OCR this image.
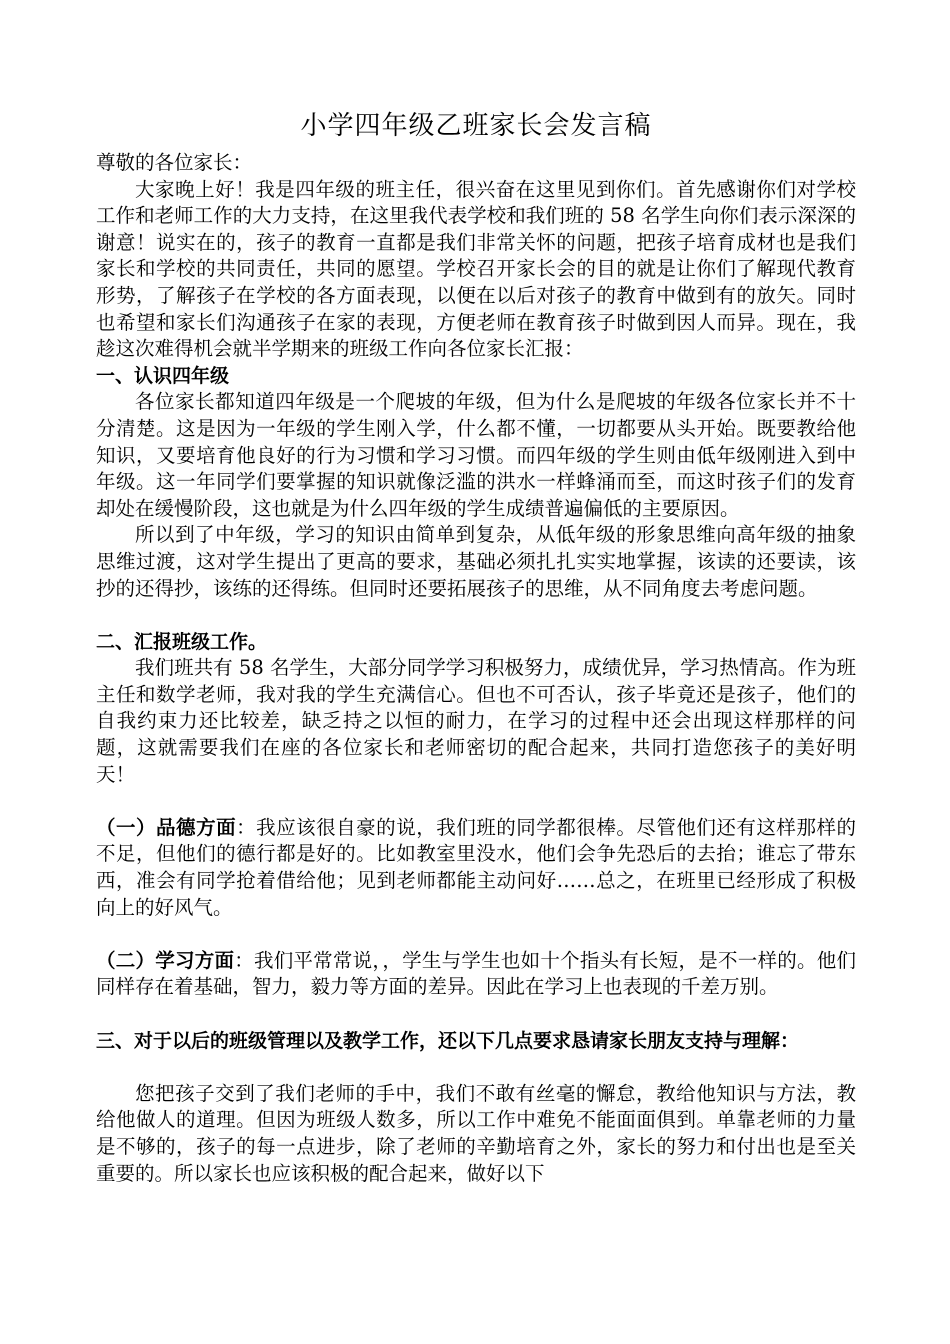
小学四年级乙班家长会发言稿

尊敬的各位家长：

大家晚上好！我是四年级的班主任，很兴奋在这里见到你们。首先感谢你们对学校工作和老师工作的大力支持，在这里我代表学校和我们班的 58 名学生向你们表示深深的谢意！说实在的，孩子的教育一直都是我们非常关怀的问题，把孩子培育成材也是我们家长和学校的共同责任，共同的愿望。学校召开家长会的目的就是让你们了解现代教育形势，了解孩子在学校的各方面表现，以便在以后对孩子的教育中做到有的放矢。同时也希望和家长们沟通孩子在家的表现，方便老师在教育孩子时做到因人而异。现在，我趁这次难得机会就半学期来的班级工作向各位家长汇报：

一、认识四年级

各位家长都知道四年级是一个爬坡的年级，但为什么是爬坡的年级各位家长并不十分清楚。这是因为一年级的学生刚入学，什么都不懂，一切都要从头开始。既要教给他知识，又要培育他良好的行为习惯和学习习惯。而四年级的学生则由低年级刚进入到中年级。这一年同学们要掌握的知识就像泛滥的洪水一样蜂涌而至，而这时孩子们的发育却处在缓慢阶段，这也就是为什么四年级的学生成绩普遍偏低的主要原因。

所以到了中年级，学习的知识由简单到复杂，从低年级的形象思维向高年级的抽象思维过渡，这对学生提出了更高的要求，基础必须扎扎实实地掌握，该读的还要读，该抄的还得抄，该练的还得练。但同时还要拓展孩子的思维，从不同角度去考虑问题。

二、汇报班级工作。

我们班共有 58 名学生，大部分同学学习积极努力，成绩优异，学习热情高。作为班主任和数学老师，我对我的学生充满信心。但也不可否认，孩子毕竟还是孩子，他们的自我约束力还比较差，缺乏持之以恒的耐力，在学习的过程中还会出现这样那样的问题，这就需要我们在座的各位家长和老师密切的配合起来，共同打造您孩子的美好明天！

（一）品德方面：我应该很自豪的说，我们班的同学都很棒。尽管他们还有这样那样的不足，但他们的德行都是好的。比如教室里没水，他们会争先恐后的去抬；谁忘了带东西，准会有同学抢着借给他；见到老师都能主动问好……总之，在班里已经形成了积极向上的好风气。

（二）学习方面：我们平常常说，，学生与学生也如十个指头有长短，是不一样的。他们同样存在着基础，智力，毅力等方面的差异。因此在学习上也表现的千差万别。

三、对于以后的班级管理以及教学工作，还以下几点要求恳请家长朋友支持与理解：

您把孩子交到了我们老师的手中，我们不敢有丝毫的懈怠，教给他知识与方法，教给他做人的道理。但因为班级人数多，所以工作中难免不能面面俱到。单靠老师的力量是不够的，孩子的每一点进步，除了老师的辛勤培育之外，家长的努力和付出也是至关重要的。所以家长也应该积极的配合起来，做好以下
